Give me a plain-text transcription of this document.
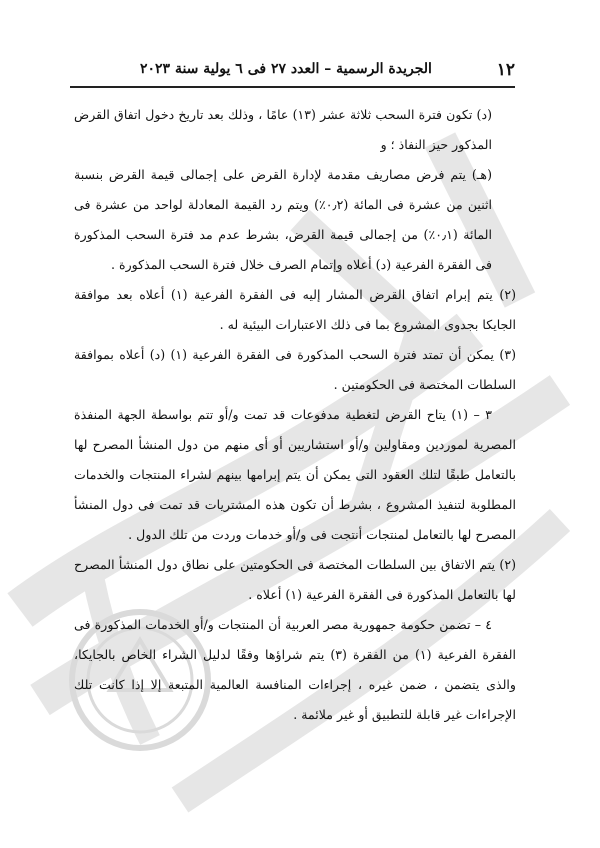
١٢
الجريدة الرسمية – العدد ٢٧ فى ٦ يولية سنة ٢٠٢٣

(د) تكون فترة السحب ثلاثة عشر (١٣) عامًا ، وذلك بعد تاريخ دخول اتفاق القرض المذكور حيز النفاذ ؛ و

(هـ) يتم فرض مصاريف مقدمة لإدارة القرض على إجمالى قيمة القرض بنسبة اثنين من عشرة فى المائة (٠٫٢٪) ويتم رد القيمة المعادلة لواحد من عشرة فى المائة (٠٫١٪) من إجمالى قيمة القرض، بشرط عدم مد فترة السحب المذكورة فى الفقرة الفرعية (د) أعلاه وإتمام الصرف خلال فترة السحب المذكورة .

(٢) يتم إبرام اتفاق القرض المشار إليه فى الفقرة الفرعية (١) أعلاه بعد موافقة الجايكا بجدوى المشروع بما فى ذلك الاعتبارات البيئية له .

(٣) يمكن أن تمتد فترة السحب المذكورة فى الفقرة الفرعية (١) (د) أعلاه بموافقة السلطات المختصة فى الحكومتين .

٣ – (١) يتاح القرض لتغطية مدفوعات قد تمت و/أو تتم بواسطة الجهة المنفذة المصرية لموردين ومقاولين و/أو استشاريين أو أى منهم من دول المنشأ المصرح لها بالتعامل طبقًا لتلك العقود التى يمكن أن يتم إبرامها بينهم لشراء المنتجات والخدمات المطلوبة لتنفيذ المشروع ، بشرط أن تكون هذه المشتريات قد تمت فى دول المنشأ المصرح لها بالتعامل لمنتجات أنتجت فى و/أو خدمات وردت من تلك الدول .

(٢) يتم الاتفاق بين السلطات المختصة فى الحكومتين على نطاق دول المنشأ المصرح لها بالتعامل المذكورة فى الفقرة الفرعية (١) أعلاه .

٤ – تضمن حكومة جمهورية مصر العربية أن المنتجات و/أو الخدمات المذكورة فى الفقرة الفرعية (١) من الفقرة (٣) يتم شراؤها وفقًا لدليل الشراء الخاص بالجايكا، والذى يتضمن ، ضمن غيره ، إجراءات المنافسة العالمية المتبعة إلا إذا كانت تلك الإجراءات غير قابلة للتطبيق أو غير ملائمة .
